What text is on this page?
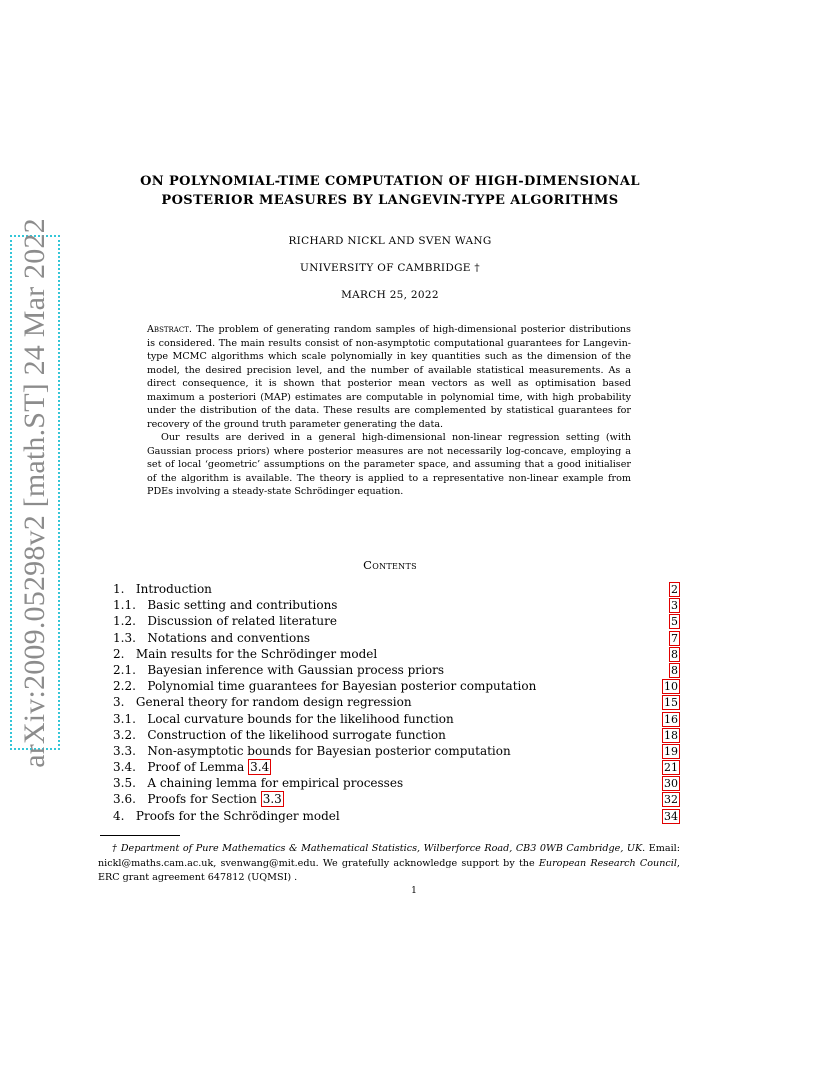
arXiv:2009.05298v2 [math.ST] 24 Mar 2022
ON POLYNOMIAL-TIME COMPUTATION OF HIGH-DIMENSIONAL
POSTERIOR MEASURES BY LANGEVIN-TYPE ALGORITHMS
RICHARD NICKL AND SVEN WANG
UNIVERSITY OF CAMBRIDGE †
MARCH 25, 2022

Abstract. The problem of generating random samples of high-dimensional posterior distributions is considered. The main results consist of non-asymptotic computational guarantees for Langevin-type MCMC algorithms which scale polynomially in key quantities such as the dimension of the model, the desired precision level, and the number of available statistical measurements. As a direct consequence, it is shown that posterior mean vectors as well as optimisation based maximum a posteriori (MAP) estimates are computable in polynomial time, with high probability under the distribution of the data. These results are complemented by statistical guarantees for recovery of the ground truth parameter generating the data.

Our results are derived in a general high-dimensional non-linear regression setting (with Gaussian process priors) where posterior measures are not necessarily log-concave, employing a set of local ‘geometric’ assumptions on the parameter space, and assuming that a good initialiser of the algorithm is available. The theory is applied to a representative non-linear example from PDEs involving a steady-state Schrödinger equation.

Contents
1. Introduction	2
1.1. Basic setting and contributions	3
1.2. Discussion of related literature	5
1.3. Notations and conventions	7
2. Main results for the Schrödinger model	8
2.1. Bayesian inference with Gaussian process priors	8
2.2. Polynomial time guarantees for Bayesian posterior computation	10
3. General theory for random design regression	15
3.1. Local curvature bounds for the likelihood function	16
3.2. Construction of the likelihood surrogate function	18
3.3. Non-asymptotic bounds for Bayesian posterior computation	19
3.4. Proof of Lemma 3.4	21
3.5. A chaining lemma for empirical processes	30
3.6. Proofs for Section 3.3	32
4. Proofs for the Schrödinger model	34
† Department of Pure Mathematics & Mathematical Statistics, Wilberforce Road, CB3 0WB Cambridge, UK. Email: nickl@maths.cam.ac.uk, svenwang@mit.edu. We gratefully acknowledge support by the European Research Council, ERC grant agreement 647812 (UQMSI) .
1
